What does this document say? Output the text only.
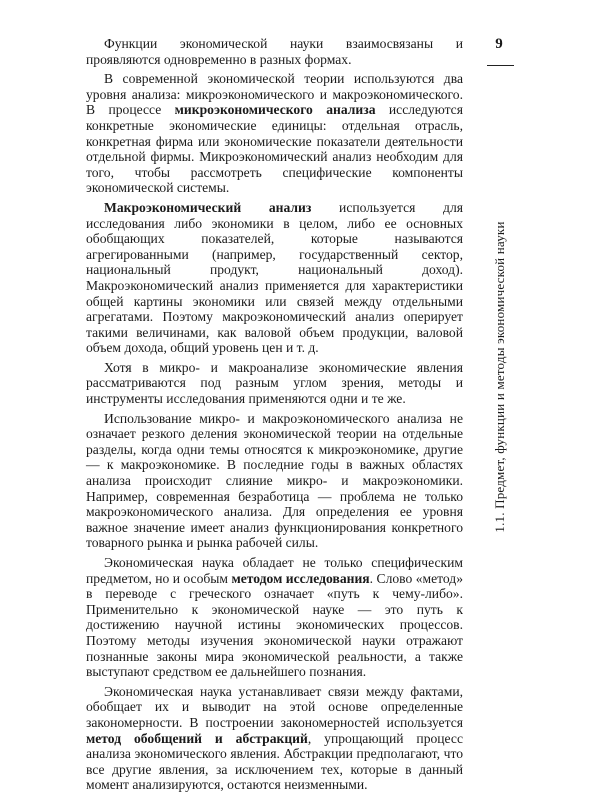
Функции экономической науки взаимосвязаны и проявляются одновременно в разных формах.

В современной экономической теории используются два уровня анализа: микроэкономического и макроэкономического. В процессе микроэкономического анализа исследуются конкретные экономические единицы: отдельная отрасль, конкретная фирма или экономические показатели деятельности отдельной фирмы. Микроэкономический анализ необходим для того, чтобы рассмотреть специфические компоненты экономической системы.

Макроэкономический анализ используется для исследования либо экономики в целом, либо ее основных обобщающих показателей, которые называются агрегированными (например, государственный сектор, национальный продукт, национальный доход). Макроэкономический анализ применяется для характеристики общей картины экономики или связей между отдельными агрегатами. Поэтому макроэкономический анализ оперирует такими величинами, как валовой объем продукции, валовой объем дохода, общий уровень цен и т. д.

Хотя в микро- и макроанализе экономические явления рассматриваются под разным углом зрения, методы и инструменты исследования применяются одни и те же.

Использование микро- и макроэкономического анализа не означает резкого деления экономической теории на отдельные разделы, когда одни темы относятся к микроэкономике, другие — к макроэкономике. В последние годы в важных областях анализа происходит слияние микро- и макроэкономики. Например, современная безработица — проблема не только макроэкономического анализа. Для определения ее уровня важное значение имеет анализ функционирования конкретного товарного рынка и рынка рабочей силы.

Экономическая наука обладает не только специфическим предметом, но и особым методом исследования. Слово «метод» в переводе с греческого означает «путь к чему-либо». Применительно к экономической науке — это путь к достижению научной истины экономических процессов. Поэтому методы изучения экономической науки отражают познанные законы мира экономической реальности, а также выступают средством ее дальнейшего познания.

Экономическая наука устанавливает связи между фактами, обобщает их и выводит на этой основе определенные закономерности. В построении закономерностей используется метод обобщений и абстракций, упрощающий процесс анализа экономического явления. Абстракции предполагают, что все другие явления, за исключением тех, которые в данный момент анализируются, остаются неизменными.

9
1.1. Предмет, функции и методы экономической науки
